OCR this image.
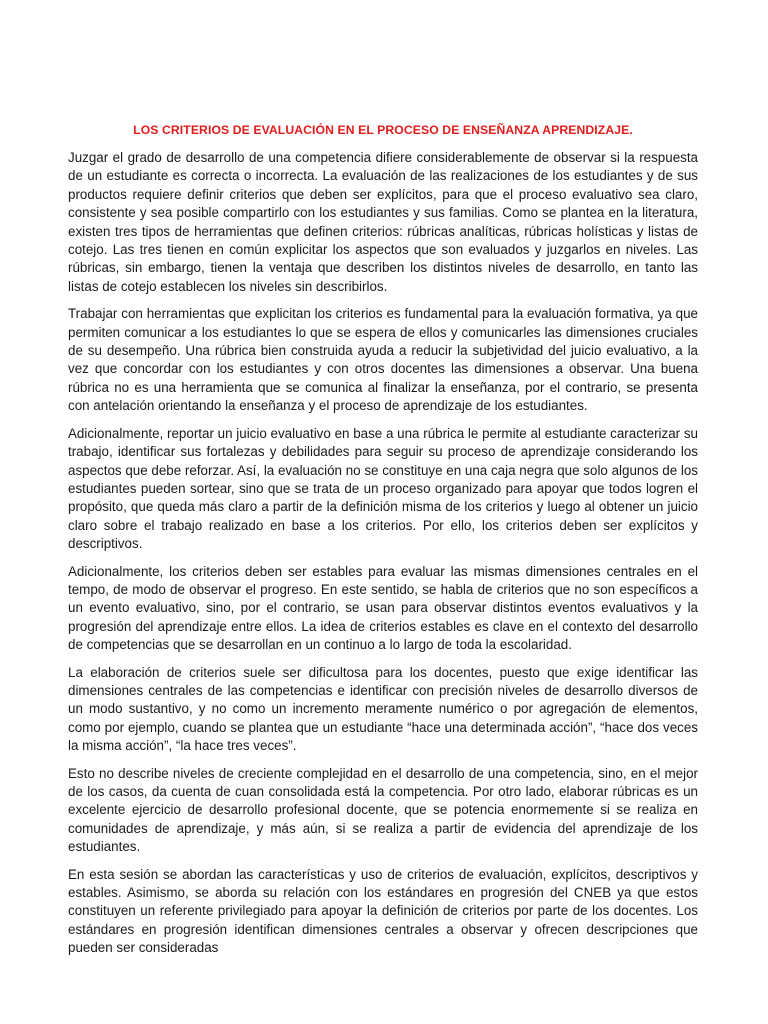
LOS CRITERIOS DE EVALUACIÓN EN EL PROCESO DE ENSEÑANZA APRENDIZAJE.

Juzgar el grado de desarrollo de una competencia difiere considerablemente de observar si la respuesta de un estudiante es correcta o incorrecta. La evaluación de las realizaciones de los estudiantes y de sus productos requiere definir criterios que deben ser explícitos, para que el proceso evaluativo sea claro, consistente y sea posible compartirlo con los estudiantes y sus familias. Como se plantea en la literatura, existen tres tipos de herramientas que definen criterios: rúbricas analíticas, rúbricas holísticas y listas de cotejo. Las tres tienen en común explicitar los aspectos que son evaluados y juzgarlos en niveles. Las rúbricas, sin embargo, tienen la ventaja que describen los distintos niveles de desarrollo, en tanto las listas de cotejo establecen los niveles sin describirlos.

Trabajar con herramientas que explicitan los criterios es fundamental para la evaluación formativa, ya que permiten comunicar a los estudiantes lo que se espera de ellos y comunicarles las dimensiones cruciales de su desempeño. Una rúbrica bien construida ayuda a reducir la subjetividad del juicio evaluativo, a la vez que concordar con los estudiantes y con otros docentes las dimensiones a observar. Una buena rúbrica no es una herramienta que se comunica al finalizar la enseñanza, por el contrario, se presenta con antelación orientando la enseñanza y el proceso de aprendizaje de los estudiantes.

Adicionalmente, reportar un juicio evaluativo en base a una rúbrica le permite al estudiante caracterizar su trabajo, identificar sus fortalezas y debilidades para seguir su proceso de aprendizaje considerando los aspectos que debe reforzar. Así, la evaluación no se constituye en una caja negra que solo algunos de los estudiantes pueden sortear, sino que se trata de un proceso organizado para apoyar que todos logren el propósito, que queda más claro a partir de la definición misma de los criterios y luego al obtener un juicio claro sobre el trabajo realizado en base a los criterios. Por ello, los criterios deben ser explícitos y descriptivos.

Adicionalmente, los criterios deben ser estables para evaluar las mismas dimensiones centrales en el tempo, de modo de observar el progreso. En este sentido, se habla de criterios que no son específicos a un evento evaluativo, sino, por el contrario, se usan para observar distintos eventos evaluativos y la progresión del aprendizaje entre ellos. La idea de criterios estables es clave en el contexto del desarrollo de competencias que se desarrollan en un continuo a lo largo de toda la escolaridad.

La elaboración de criterios suele ser dificultosa para los docentes, puesto que exige identificar las dimensiones centrales de las competencias e identificar con precisión niveles de desarrollo diversos de un modo sustantivo, y no como un incremento meramente numérico o por agregación de elementos, como por ejemplo, cuando se plantea que un estudiante “hace una determinada acción”, “hace dos veces la misma acción”, “la hace tres veces”.

Esto no describe niveles de creciente complejidad en el desarrollo de una competencia, sino, en el mejor de los casos, da cuenta de cuan consolidada está la competencia. Por otro lado, elaborar rúbricas es un excelente ejercicio de desarrollo profesional docente, que se potencia enormemente si se realiza en comunidades de aprendizaje, y más aún, si se realiza a partir de evidencia del aprendizaje de los estudiantes.

En esta sesión se abordan las características y uso de criterios de evaluación, explícitos, descriptivos y estables. Asimismo, se aborda su relación con los estándares en progresión del CNEB ya que estos constituyen un referente privilegiado para apoyar la definición de criterios por parte de los docentes. Los estándares en progresión identifican dimensiones centrales a observar y ofrecen descripciones que pueden ser consideradas
